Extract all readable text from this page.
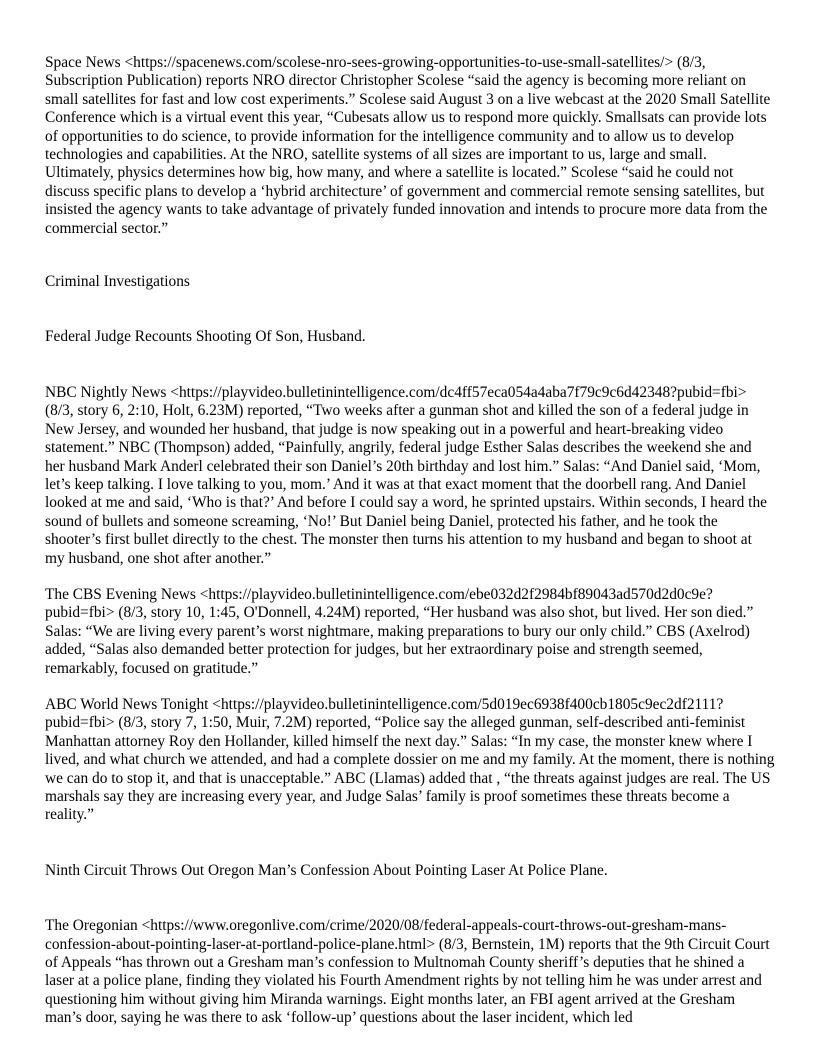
Space News <https://spacenews.com/scolese-nro-sees-growing-opportunities-to-use-small-satellites/> (8/3, Subscription Publication) reports NRO director Christopher Scolese “said the agency is becoming more reliant on small satellites for fast and low cost experiments.” Scolese said August 3 on a live webcast at the 2020 Small Satellite Conference which is a virtual event this year, “Cubesats allow us to respond more quickly. Smallsats can provide lots of opportunities to do science, to provide information for the intelligence community and to allow us to develop technologies and capabilities. At the NRO, satellite systems of all sizes are important to us, large and small. Ultimately, physics determines how big, how many, and where a satellite is located.” Scolese “said he could not discuss specific plans to develop a ‘hybrid architecture’ of government and commercial remote sensing satellites, but insisted the agency wants to take advantage of privately funded innovation and intends to procure more data from the commercial sector.”

Criminal Investigations

Federal Judge Recounts Shooting Of Son, Husband.

NBC Nightly News <https://playvideo.bulletinintelligence.com/dc4ff57eca054a4aba7f79c9c6d42348?pubid=fbi> (8/3, story 6, 2:10, Holt, 6.23M) reported, “Two weeks after a gunman shot and killed the son of a federal judge in New Jersey, and wounded her husband, that judge is now speaking out in a powerful and heart-breaking video statement.” NBC (Thompson) added, “Painfully, angrily, federal judge Esther Salas describes the weekend she and her husband Mark Anderl celebrated their son Daniel’s 20th birthday and lost him.” Salas: “And Daniel said, ‘Mom, let’s keep talking. I love talking to you, mom.’ And it was at that exact moment that the doorbell rang. And Daniel looked at me and said, ‘Who is that?’ And before I could say a word, he sprinted upstairs. Within seconds, I heard the sound of bullets and someone screaming, ‘No!’ But Daniel being Daniel, protected his father, and he took the shooter’s first bullet directly to the chest. The monster then turns his attention to my husband and began to shoot at my husband, one shot after another.”

The CBS Evening News <https://playvideo.bulletinintelligence.com/ebe032d2f2984bf89043ad570d2d0c9e?pubid=fbi> (8/3, story 10, 1:45, O'Donnell, 4.24M) reported, “Her husband was also shot, but lived. Her son died.” Salas: “We are living every parent’s worst nightmare, making preparations to bury our only child.” CBS (Axelrod) added, “Salas also demanded better protection for judges, but her extraordinary poise and strength seemed, remarkably, focused on gratitude.”

ABC World News Tonight <https://playvideo.bulletinintelligence.com/5d019ec6938f400cb1805c9ec2df2111?pubid=fbi> (8/3, story 7, 1:50, Muir, 7.2M) reported, “Police say the alleged gunman, self-described anti-feminist Manhattan attorney Roy den Hollander, killed himself the next day.” Salas: “In my case, the monster knew where I lived, and what church we attended, and had a complete dossier on me and my family. At the moment, there is nothing we can do to stop it, and that is unacceptable.” ABC (Llamas) added that , “the threats against judges are real. The US marshals say they are increasing every year, and Judge Salas’ family is proof sometimes these threats become a reality.”

Ninth Circuit Throws Out Oregon Man’s Confession About Pointing Laser At Police Plane.

The Oregonian <https://www.oregonlive.com/crime/2020/08/federal-appeals-court-throws-out-gresham-mans-confession-about-pointing-laser-at-portland-police-plane.html> (8/3, Bernstein, 1M) reports that the 9th Circuit Court of Appeals “has thrown out a Gresham man’s confession to Multnomah County sheriff’s deputies that he shined a laser at a police plane, finding they violated his Fourth Amendment rights by not telling him he was under arrest and questioning him without giving him Miranda warnings. Eight months later, an FBI agent arrived at the Gresham man’s door, saying he was there to ask ‘follow-up’ questions about the laser incident, which led
